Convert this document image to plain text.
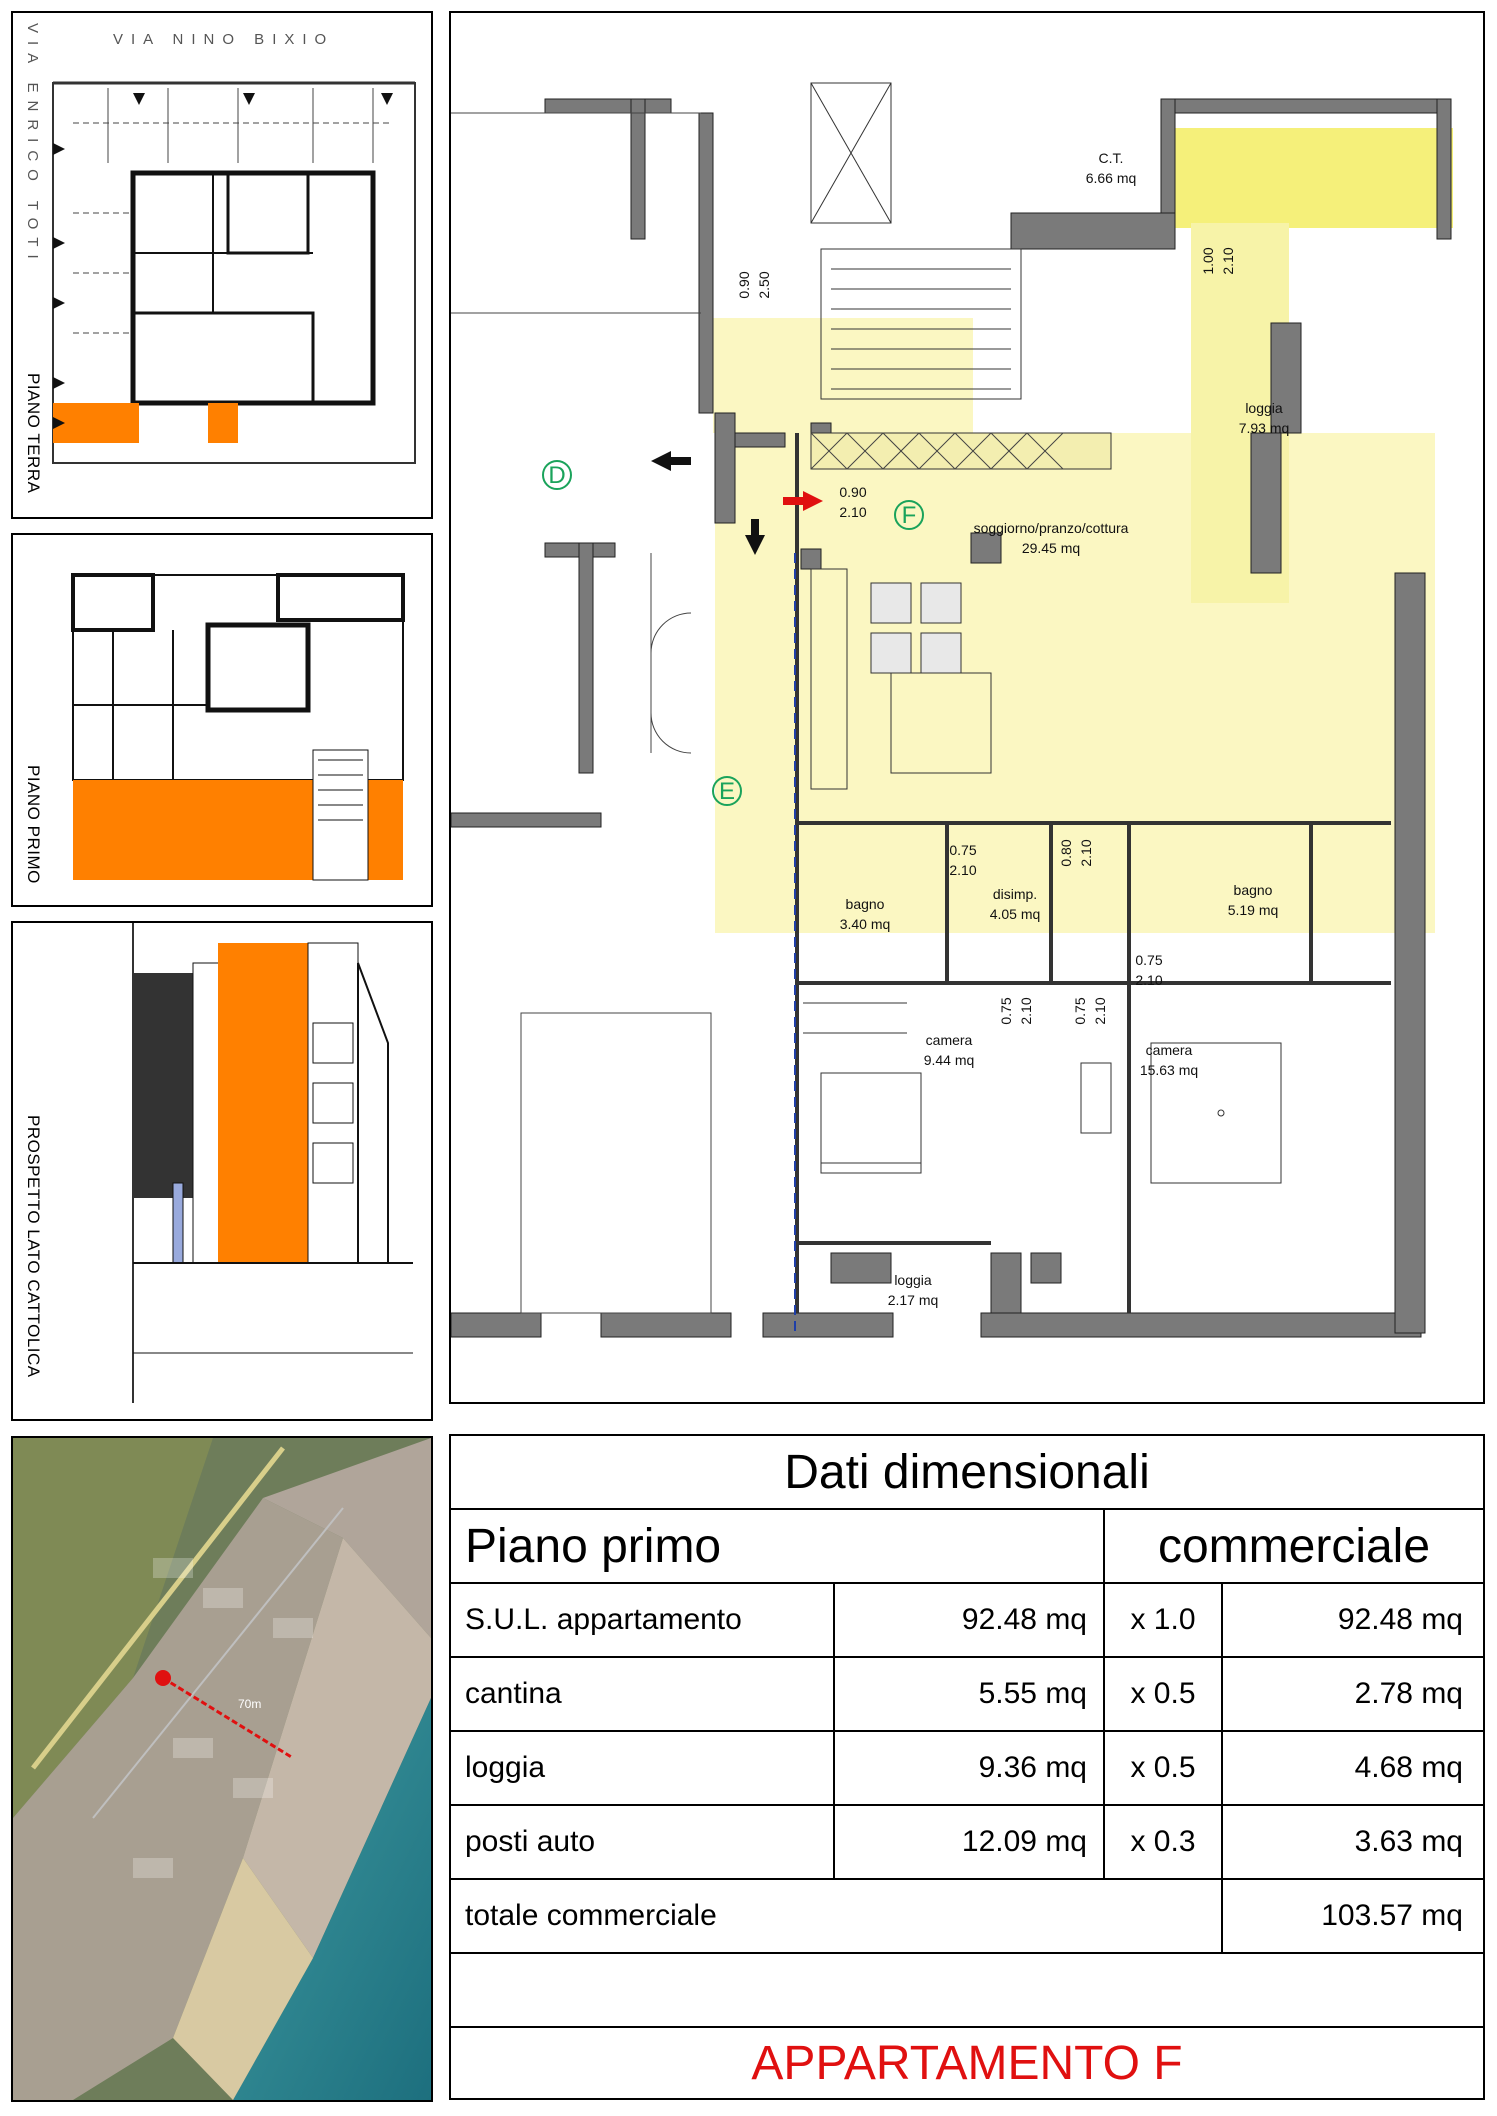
VIA NINO BIXIO
VIA ENRICO TOTI
PIANO TERRA
PIANO PRIMO
PROSPETTO LATO CATTOLICA
70m
C.T.
6.66 mq
loggia
7.93 mq
soggiorno/pranzo/cottura
29.45 mq
bagno
3.40 mq
disimp.
4.05 mq
bagno
5.19 mq
camera
9.44 mq
camera
15.63 mq
loggia
2.17 mq
0.90 2.50
1.00 2.10
0.90
2.10
0.75
2.10
0.80 2.10
0.75
2.10
0.75 2.10	0.75 2.10
D
E
F
Dati dimensionali
Piano primo	commerciale
S.U.L. appartamento	92.48 mq	x 1.0	92.48 mq
cantina	5.55 mq	x 0.5	2.78 mq
loggia	9.36 mq	x 0.5	4.68 mq
posti auto	12.09 mq	x 0.3	3.63 mq
totale commerciale	103.57 mq
APPARTAMENTO F
